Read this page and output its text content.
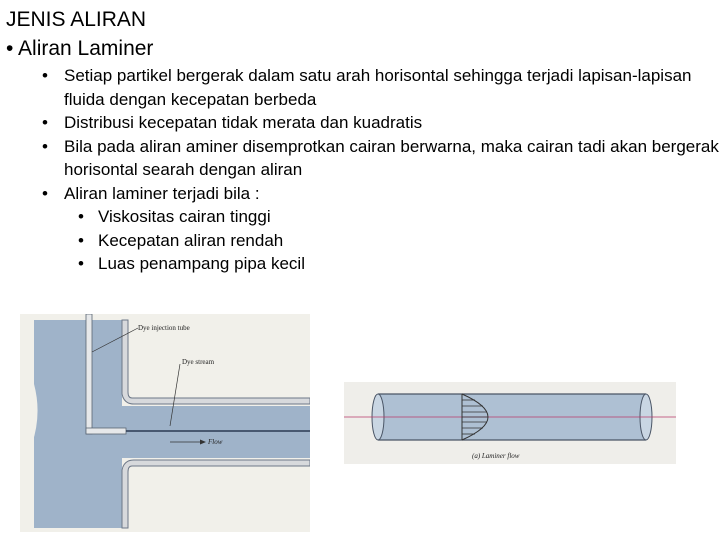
JENIS ALIRAN
• Aliran Laminer
• Setiap partikel bergerak dalam satu arah horisontal sehingga terjadi lapisan-lapisan fluida dengan kecepatan berbeda
• Distribusi kecepatan tidak merata dan kuadratis
• Bila pada aliran aminer disemprotkan cairan berwarna, maka cairan tadi akan bergerak horisontal searah dengan aliran
• Aliran laminer terjadi bila :
• Viskositas cairan tinggi
• Kecepatan aliran rendah
• Luas penampang pipa kecil
Dye injection tube
Dye stream
Flow
(a) Laminer flow
